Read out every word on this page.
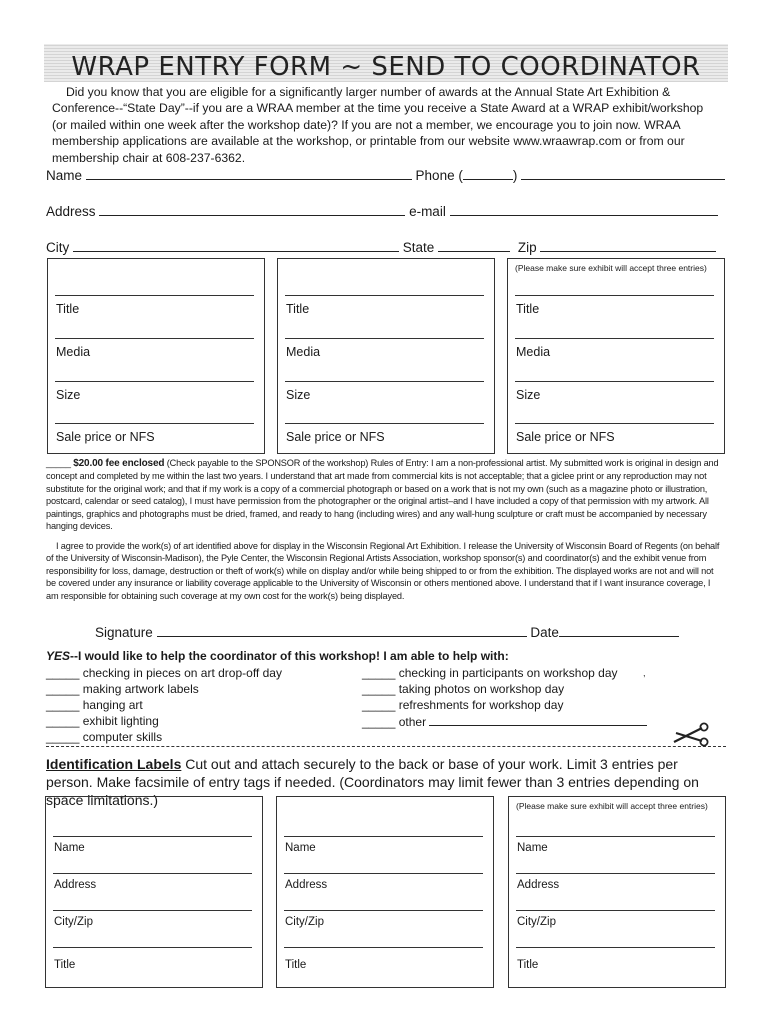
WRAP ENTRY FORM ~ SEND TO COORDINATOR
Did you know that you are eligible for a significantly larger number of awards at the Annual State Art Exhibition & Conference--“State Day”--if you are a WRAA member at the time you receive a State Award at a WRAP exhibit/workshop (or mailed within one week after the workshop date)? If you are not a member, we encourage you to join now. WRAA membership applications are available at the workshop, or printable from our website www.wraawrap.com or from our membership chair at 608-237-6362.
Name	Phone (	)
Address	e-mail
City	State	Zip
(Please make sure exhibit will accept three entries)
Title
Media
Size
Sale price or NFS
Title
Media
Size
Sale price or NFS
Title
Media
Size
Sale price or NFS
_____ $20.00 fee enclosed (Check payable to the SPONSOR of the workshop) Rules of Entry: I am a non-professional artist. My submitted work is original in design and concept and completed by me within the last two years. I understand that art made from commercial kits is not acceptable; that a giclee print or any reproduction may not substitute for the original work; and that if my work is a copy of a commercial photograph or based on a work that is not my own (such as a magazine photo or illustration, postcard, calendar or seed catalog), I must have permission from the photographer or the original artist–and I have included a copy of that permission with my artwork. All paintings, graphics and photographs must be dried, framed, and ready to hang (including wires) and any wall-hung sculpture or craft must be accompanied by necessary hanging devices.
I agree to provide the work(s) of art identified above for display in the Wisconsin Regional Art Exhibition. I release the University of Wisconsin Board of Regents (on behalf of the University of Wisconsin-Madison), the Pyle Center, the Wisconsin Regional Artists Association, workshop sponsor(s) and coordinator(s) and the exhibit venue from responsibility for loss, damage, destruction or theft of work(s) while on display and/or while being shipped to or from the exhibition. The displayed works are not and will not be covered under any insurance or liability coverage applicable to the University of Wisconsin or others mentioned above. I understand that if I want insurance coverage, I am responsible for obtaining such coverage at my own cost for the work(s) being displayed.
Signature	Date
YES--I would like to help the coordinator of this workshop! I am able to help with:
_____ checking in pieces on art drop-off day
_____ making artwork labels
_____ hanging art
_____ exhibit lighting
_____ computer skills
_____ checking in participants on workshop day
_____ taking photos on workshop day
_____ refreshments for workshop day
_____ other
,
Identification Labels Cut out and attach securely to the back or base of your work. Limit 3 entries per person. Make facsimile of entry tags if needed. (Coordinators may limit fewer than 3 entries depending on space limitations.)	(Please make sure exhibit will accept three entries)
Name
Address
City/Zip
Title
Name
Address
City/Zip
Title
Name
Address
City/Zip
Title
